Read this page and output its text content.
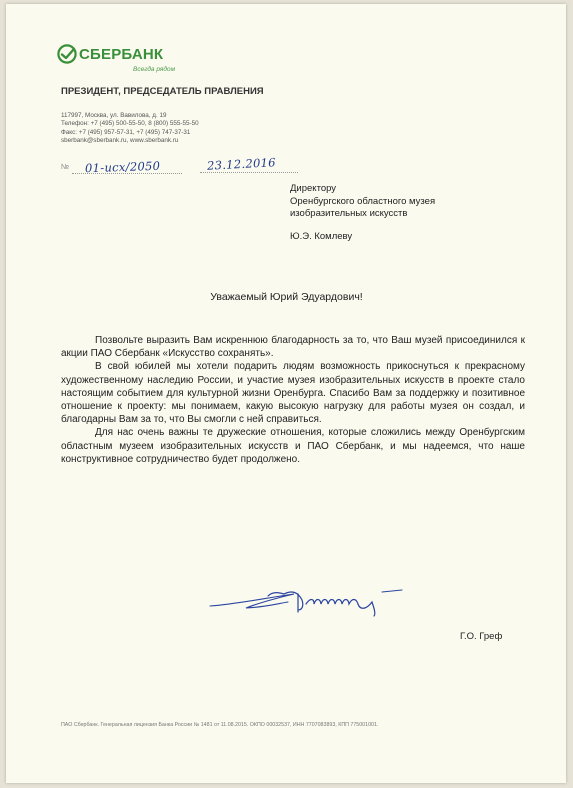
СБЕРБАНК
Всегда рядом
ПРЕЗИДЕНТ, ПРЕДСЕДАТЕЛЬ ПРАВЛЕНИЯ
117997, Москва, ул. Вавилова, д. 19
Телефон: +7 (495) 500-55-50, 8 (800) 555-55-50
Факс: +7 (495) 957-57-31, +7 (495) 747-37-31
sberbank@sberbank.ru, www.sberbank.ru
№ 01-исх/2050	23.12.2016
Директору
Оренбургского областного музея
изобразительных искусств
Ю.Э. Комлеву
Уважаемый Юрий Эдуардович!

Позвольте выразить Вам искреннюю благодарность за то, что Ваш музей присоединился к акции ПАО Сбербанк «Искусство сохранять».

В свой юбилей мы хотели подарить людям возможность прикоснуться к прекрасному художественному наследию России, и участие музея изобразительных искусств в проекте стало настоящим событием для культурной жизни Оренбурга. Спасибо Вам за поддержку и позитивное отношение к проекту: мы понимаем, какую высокую нагрузку для работы музея он создал, и благодарны Вам за то, что Вы смогли с ней справиться.

Для нас очень важны те дружеские отношения, которые сложились между Оренбургским областным музеем изобразительных искусств и ПАО Сбербанк, и мы надеемся, что наше конструктивное сотрудничество будет продолжено.

Г.О. Греф
ПАО Сбербанк. Генеральная лицензия Банка России № 1481 от 11.08.2015. ОКПО 00032537, ИНН 7707083893, КПП 775001001.
